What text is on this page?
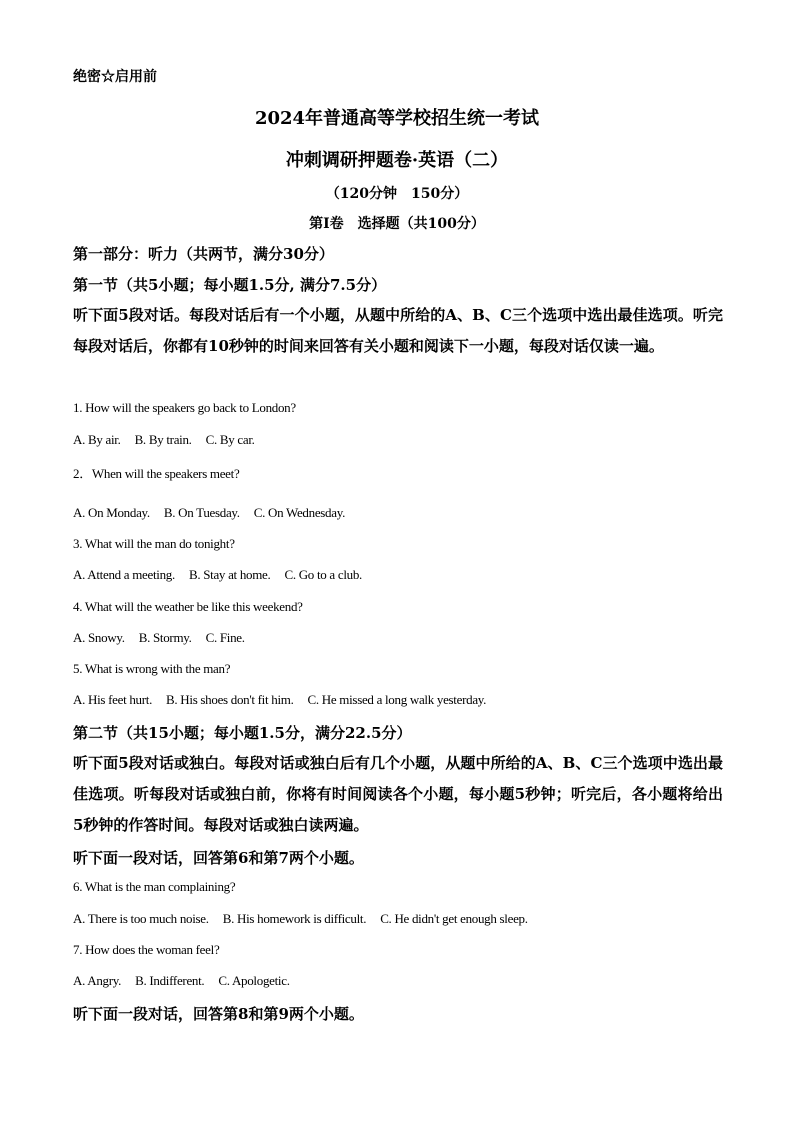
绝密☆启用前
2024年普通高等学校招生统一考试
冲刺调研押题卷·英语（二）
（120分钟　150分）
第Ⅰ卷　选择题（共100分）
第一部分：听力（共两节，满分30分）
第一节（共5小题；每小题1.5分, 满分7.5分）
听下面5段对话。每段对话后有一个小题，从题中所给的A、B、C三个选项中选出最佳选项。听完每段对话后，你都有10秒钟的时间来回答有关小题和阅读下一小题，每段对话仅读一遍。
1. How will the speakers go back to London?
A. By air. B. By train. C. By car.
2．When will the speakers meet?
A. On Monday. B. On Tuesday. C. On Wednesday.
3. What will the man do tonight?
A. Attend a meeting. B. Stay at home. C. Go to a club.
4. What will the weather be like this weekend?
A. Snowy. B. Stormy. C. Fine.
5. What is wrong with the man?
A. His feet hurt. B. His shoes don't fit him. C. He missed a long walk yesterday.
第二节（共15小题；每小题1.5分，满分22.5分）
听下面5段对话或独白。每段对话或独白后有几个小题，从题中所给的A、B、C三个选项中选出最佳选项。听每段对话或独白前，你将有时间阅读各个小题，每小题5秒钟；听完后，各小题将给出5秒钟的作答时间。每段对话或独白读两遍。
听下面一段对话，回答第6和第7两个小题。
6. What is the man complaining?
A. There is too much noise. B. His homework is difficult. C. He didn't get enough sleep.
7. How does the woman feel?
A. Angry. B. Indifferent. C. Apologetic.
听下面一段对话，回答第8和第9两个小题。
